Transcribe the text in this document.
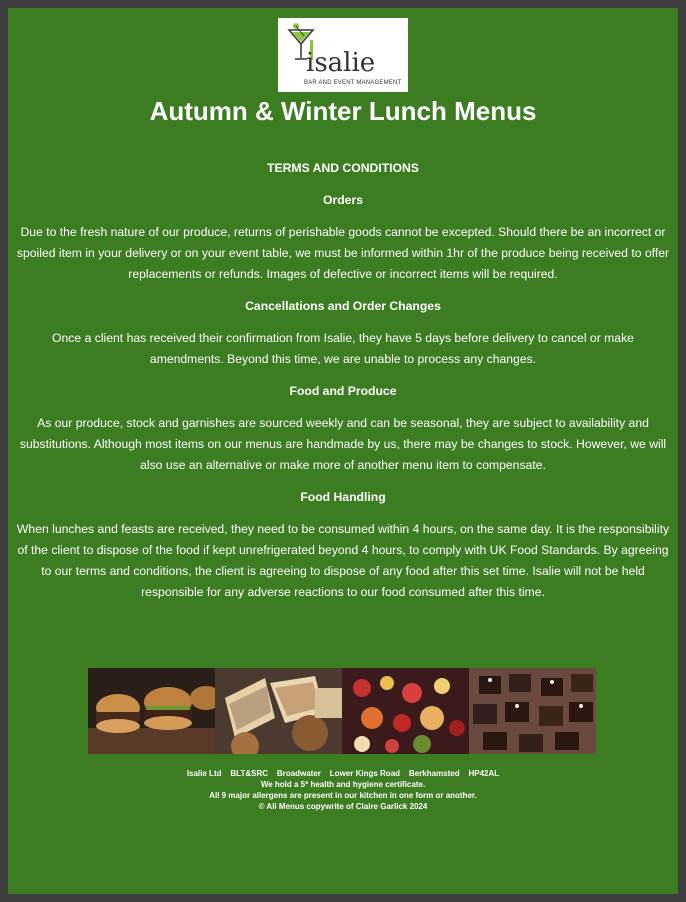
isalie
BAR AND EVENT MANAGEMENT
Autumn & Winter Lunch Menus

TERMS AND CONDITIONS

Orders

Due to the fresh nature of our produce, returns of perishable goods cannot be excepted. Should there be an incorrect or spoiled item in your delivery or on your event table, we must be informed within 1hr of the produce being received to offer replacements or refunds. Images of defective or incorrect items will be required.

Cancellations and Order Changes

Once a client has received their confirmation from Isalie, they have 5 days before delivery to cancel or make amendments. Beyond this time, we are unable to process any changes.

Food and Produce

As our produce, stock and garnishes are sourced weekly and can be seasonal, they are subject to availability and substitutions. Although most items on our menus are handmade by us, there may be changes to stock. However, we will also use an alternative or make more of another menu item to compensate.

Food Handling

When lunches and feasts are received, they need to be consumed within 4 hours, on the same day. It is the responsibility of the client to dispose of the food if kept unrefrigerated beyond 4 hours, to comply with UK Food Standards. By agreeing to our terms and conditions, the client is agreeing to dispose of any food after this set time. Isalie will not be held responsible for any adverse reactions to our food consumed after this time.

Isalie Ltd    BLT&SRC    Broadwater    Lower Kings Road    Berkhamsted    HP42AL

We hold a 5* health and hygiene certificate.

All 9 major allergens are present in our kitchen in one form or another.

© All Menus copywrite of Claire Garlick 2024
